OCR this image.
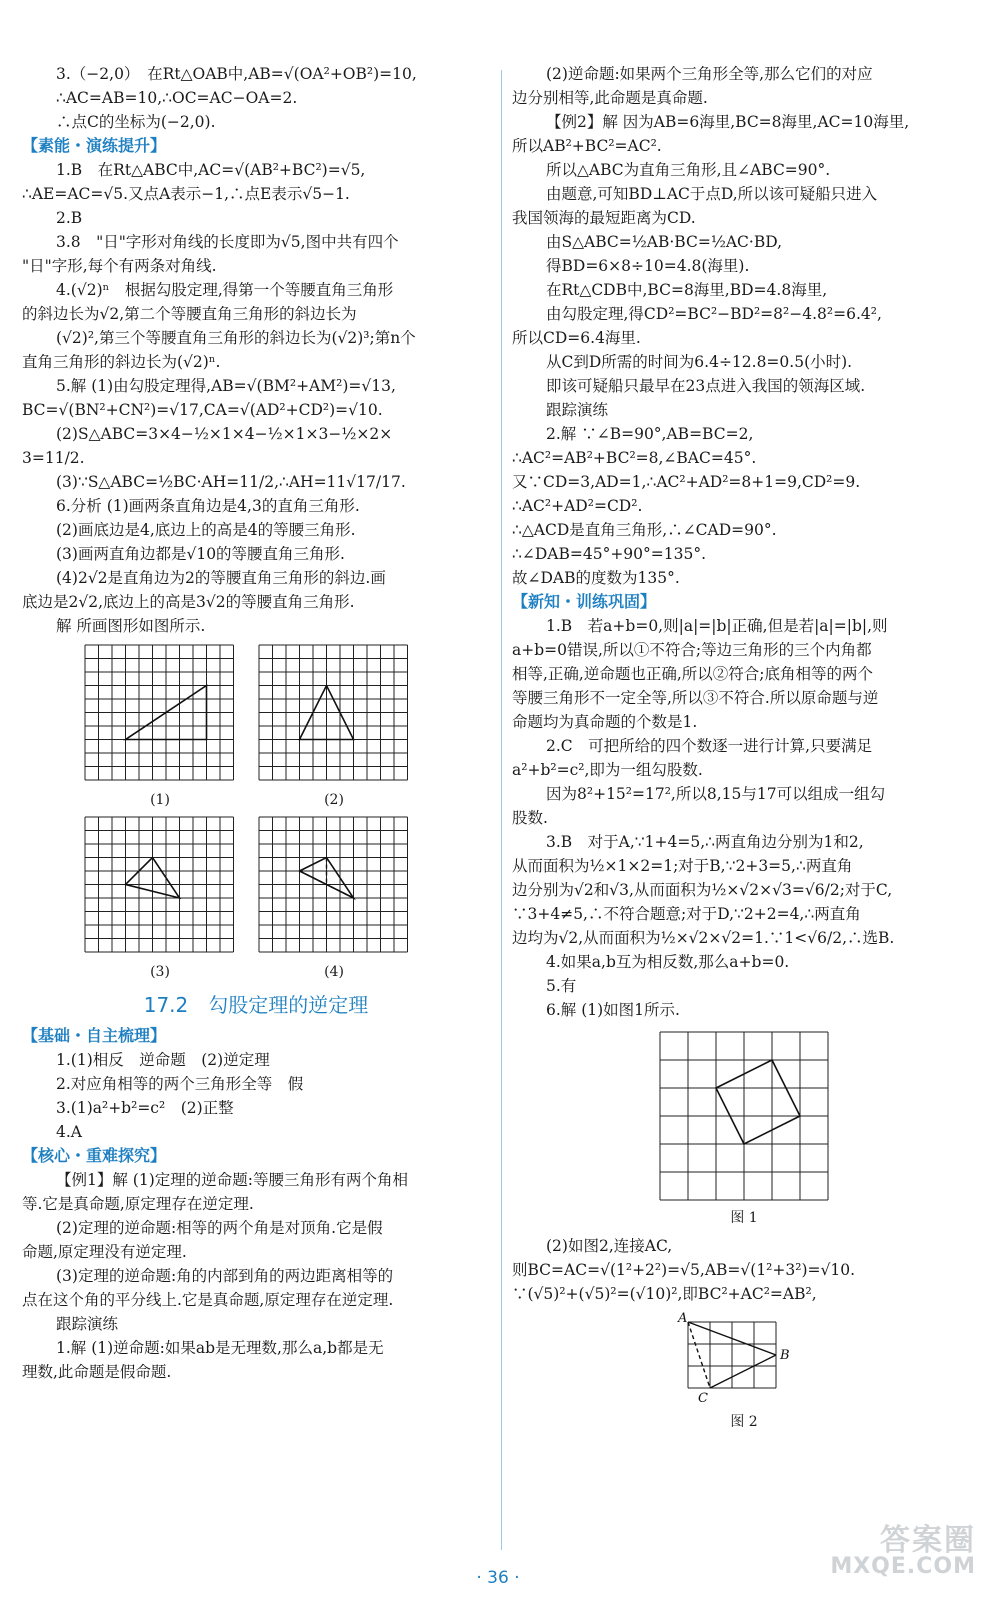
3.（−2,0）　在Rt△OAB中,AB=√(OA²+OB²)=10,

∴AC=AB=10,∴OC=AC−OA=2.

∴点C的坐标为(−2,0).

【素能・演练提升】

1.B　在Rt△ABC中,AC=√(AB²+BC²)=√5,

∴AE=AC=√5.又点A表示−1,∴点E表示√5−1.

2.B

3.8　"日"字形对角线的长度即为√5,图中共有四个

"日"字形,每个有两条对角线.

4.(√2)ⁿ　根据勾股定理,得第一个等腰直角三角形

的斜边长为√2,第二个等腰直角三角形的斜边长为

(√2)²,第三个等腰直角三角形的斜边长为(√2)³;第n个

直角三角形的斜边长为(√2)ⁿ.

5.解 (1)由勾股定理得,AB=√(BM²+AM²)=√13,

BC=√(BN²+CN²)=√17,CA=√(AD²+CD²)=√10.

(2)S△ABC=3×4−½×1×4−½×1×3−½×2×

3=11/2.

(3)∵S△ABC=½BC·AH=11/2,∴AH=11√17/17.

6.分析 (1)画两条直角边是4,3的直角三角形.

(2)画底边是4,底边上的高是4的等腰三角形.

(3)画两直角边都是√10的等腰直角三角形.

(4)2√2是直角边为2的等腰直角三角形的斜边.画

底边是2√2,底边上的高是3√2的等腰直角三角形.

解 所画图形如图所示.

(1)	(2)
(3)	(4)

17.2　勾股定理的逆定理

【基础・自主梳理】

1.(1)相反　逆命题　(2)逆定理

2.对应角相等的两个三角形全等　假

3.(1)a²+b²=c²　(2)正整

4.A

【核心・重难探究】

【例1】解 (1)定理的逆命题:等腰三角形有两个角相

等.它是真命题,原定理存在逆定理.

(2)定理的逆命题:相等的两个角是对顶角.它是假

命题,原定理没有逆定理.

(3)定理的逆命题:角的内部到角的两边距离相等的

点在这个角的平分线上.它是真命题,原定理存在逆定理.

跟踪演练

1.解 (1)逆命题:如果ab是无理数,那么a,b都是无

理数,此命题是假命题.

(2)逆命题:如果两个三角形全等,那么它们的对应

边分别相等,此命题是真命题.

【例2】解 因为AB=6海里,BC=8海里,AC=10海里,

所以AB²+BC²=AC².

所以△ABC为直角三角形,且∠ABC=90°.

由题意,可知BD⊥AC于点D,所以该可疑船只进入

我国领海的最短距离为CD.

由S△ABC=½AB·BC=½AC·BD,

得BD=6×8÷10=4.8(海里).

在Rt△CDB中,BC=8海里,BD=4.8海里,

由勾股定理,得CD²=BC²−BD²=8²−4.8²=6.4²,

所以CD=6.4海里.

从C到D所需的时间为6.4÷12.8=0.5(小时).

即该可疑船只最早在23点进入我国的领海区域.

跟踪演练

2.解 ∵∠B=90°,AB=BC=2,

∴AC²=AB²+BC²=8,∠BAC=45°.

又∵CD=3,AD=1,∴AC²+AD²=8+1=9,CD²=9.

∴AC²+AD²=CD².

∴△ACD是直角三角形,∴∠CAD=90°.

∴∠DAB=45°+90°=135°.

故∠DAB的度数为135°.

【新知・训练巩固】

1.B　若a+b=0,则|a|=|b|正确,但是若|a|=|b|,则

a+b=0错误,所以①不符合;等边三角形的三个内角都

相等,正确,逆命题也正确,所以②符合;底角相等的两个

等腰三角形不一定全等,所以③不符合.所以原命题与逆

命题均为真命题的个数是1.

2.C　可把所给的四个数逐一进行计算,只要满足

a²+b²=c²,即为一组勾股数.

因为8²+15²=17²,所以8,15与17可以组成一组勾

股数.

3.B　对于A,∵1+4=5,∴两直角边分别为1和2,

从而面积为½×1×2=1;对于B,∵2+3=5,∴两直角

边分别为√2和√3,从而面积为½×√2×√3=√6/2;对于C,

∵3+4≠5,∴不符合题意;对于D,∵2+2=4,∴两直角

边均为√2,从而面积为½×√2×√2=1.∵1<√6/2,∴选B.

4.如果a,b互为相反数,那么a+b=0.

5.有

6.解 (1)如图1所示.

图 1

(2)如图2,连接AC,

则BC=AC=√(1²+2²)=√5,AB=√(1²+3²)=√10.

∵(√5)²+(√5)²=(√10)²,即BC²+AC²=AB²,

A
B
C
图 2
· 36 ·
答案圈
MXQE.COM
